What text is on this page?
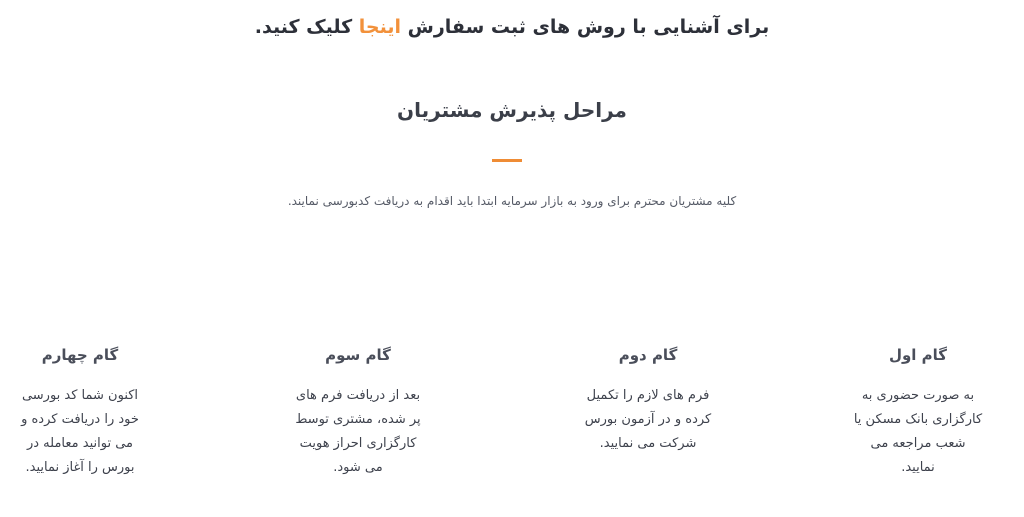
برای آشنایی با روش های ثبت سفارش اینجا کلیک کنید.
مراحل پذیرش مشتریان
کلیه مشتریان محترم برای ورود به بازار سرمایه ابتدا باید اقدام به دریافت کدبورسی نمایند.
گام اول
به صورت حضوری به کارگزاری بانک مسکن یا شعب مراجعه می نمایید.
گام دوم
فرم های لازم را تکمیل کرده و در آزمون بورس شرکت می نمایید.
گام سوم
بعد از دریافت فرم های پر شده، مشتری توسط کارگزاری احراز هویت می شود.
گام چهارم
اکنون شما کد بورسی خود را دریافت کرده و می توانید معامله در بورس را آغاز نمایید.
